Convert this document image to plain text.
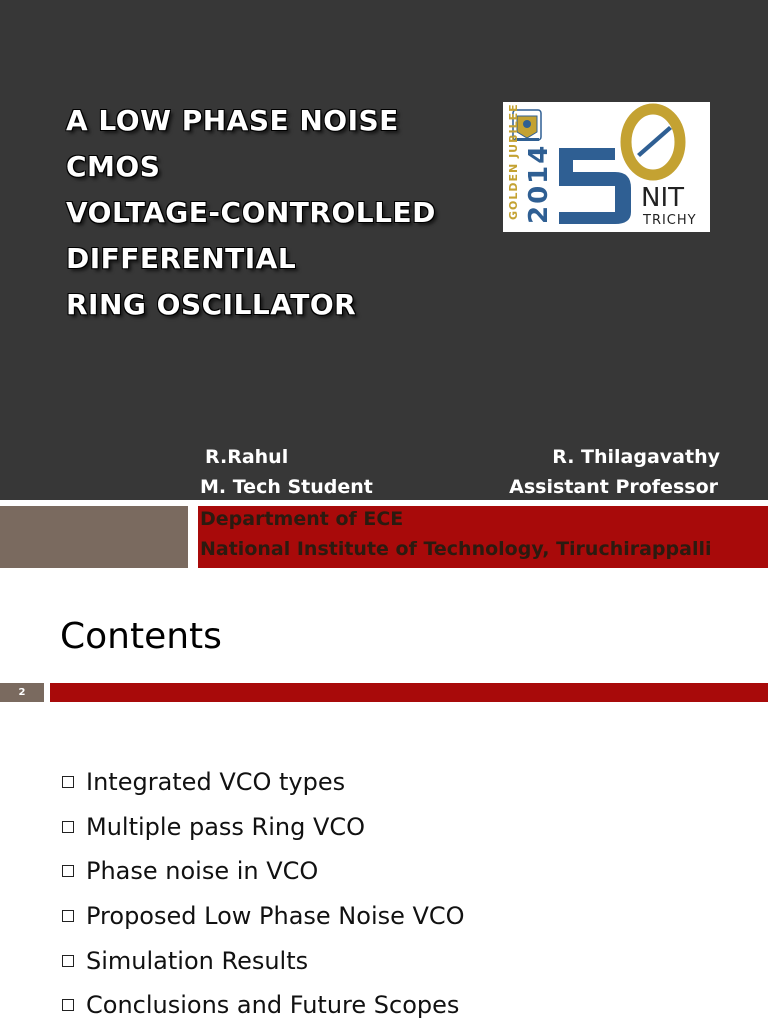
A LOW PHASE NOISE
CMOS
VOLTAGE-CONTROLLED
DIFFERENTIAL
RING OSCILLATOR
GOLDEN JUBILEE 2014	NIT
TRICHY
R.Rahul
M. Tech Student
R. Thilagavathy
Assistant Professor
Department of ECE
National Institute of Technology, Tiruchirappalli
Contents
2
Integrated VCO types
Multiple pass Ring VCO
Phase noise in VCO
Proposed Low Phase Noise VCO
Simulation Results
Conclusions and Future Scopes
